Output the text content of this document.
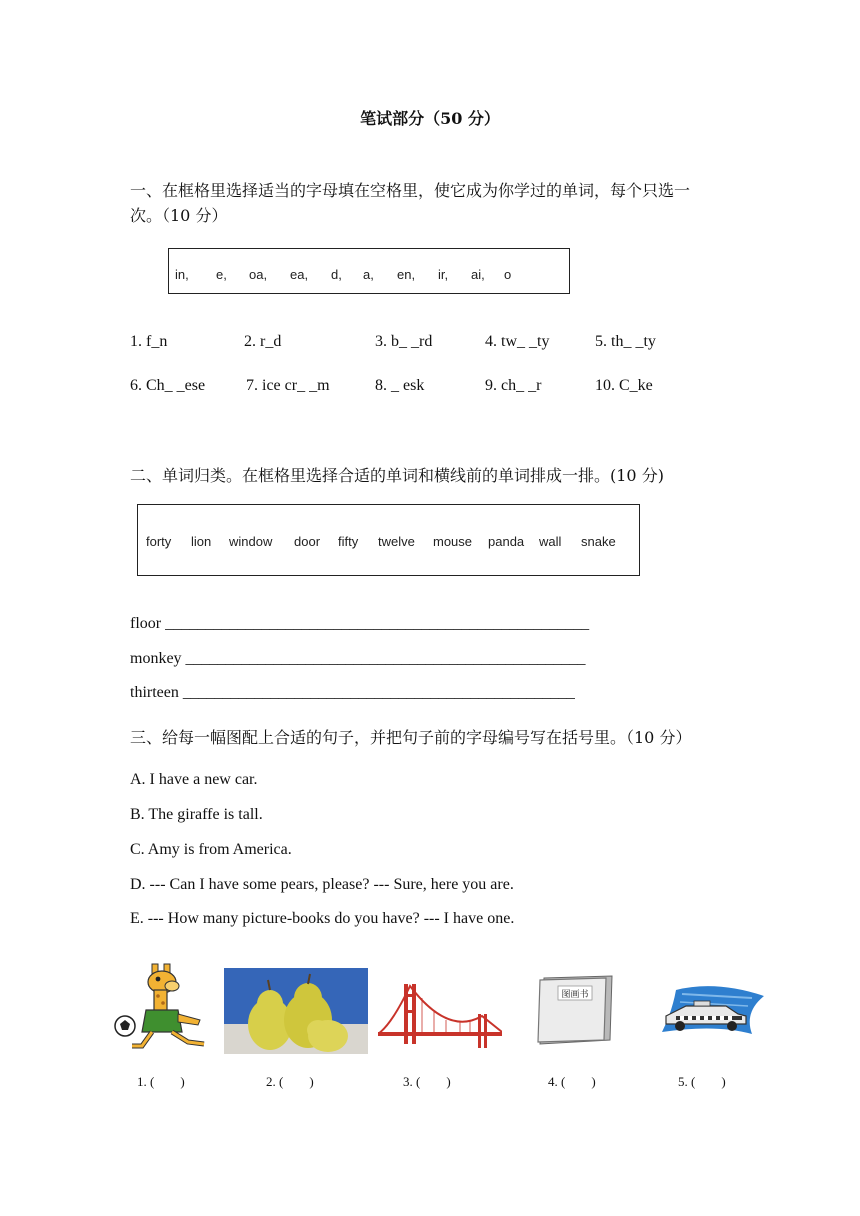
笔试部分（50 分）
一、在框格里选择适当的字母填在空格里，使它成为你学过的单词，每个只选一
次。（10 分）
in, e, oa, ea, d, a, en, ir, ai, o
1. f_n	2. r_d	3. b_ _rd	4. tw_ _ty	5. th_ _ty
6. Ch_ _ese	7. ice cr_ _m	8. _ esk	9. ch_ _r	10. C_ke
二、单词归类。在框格里选择合适的单词和横线前的单词排成一排。(10 分)
forty lion window door fifty twelve mouse panda wall snake
floor _____________________________________________________
monkey __________________________________________________
thirteen _________________________________________________
三、给每一幅图配上合适的句子，并把句子前的字母编号写在括号里。（10 分）
A. I have a new car.
B. The giraffe is tall.
C. Amy is from America.
D. --- Can I have some pears, please? --- Sure, here you are.
E. --- How many picture-books do you have? --- I have one.
图画书
1. (　　)	2. (　　)	3. (　　)	4. (　　)	5. (　　)
